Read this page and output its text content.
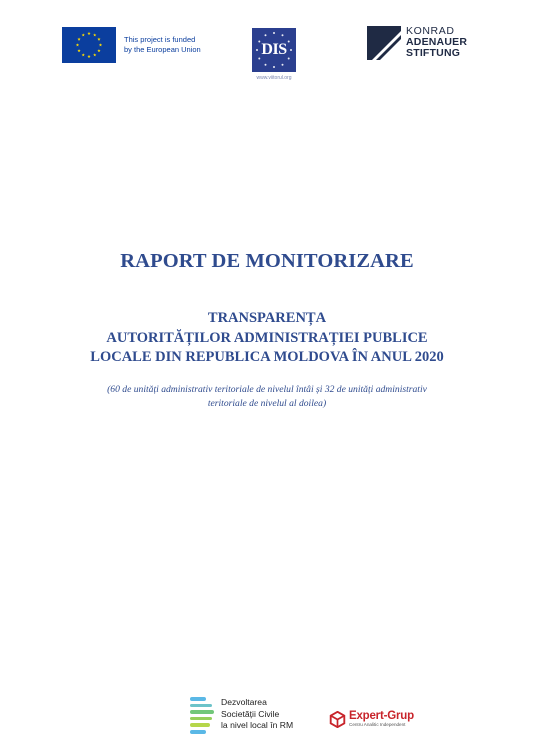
This project is funded
by the European Union	DIS
www.viitorul.org
KONRAD
ADENAUER
STIFTUNG
RAPORT DE MONITORIZARE
TRANSPARENȚA
AUTORITĂȚILOR ADMINISTRAȚIEI PUBLICE
LOCALE DIN REPUBLICA MOLDOVA ÎN ANUL 2020
(60 de unități administrativ teritoriale de nivelul întâi și 32 de unități administrativ
teritoriale de nivelul al doilea)
Dezvoltarea
Societății Civile
la nivel local în RM
Expert-Grup
Centru Analitic Independent
